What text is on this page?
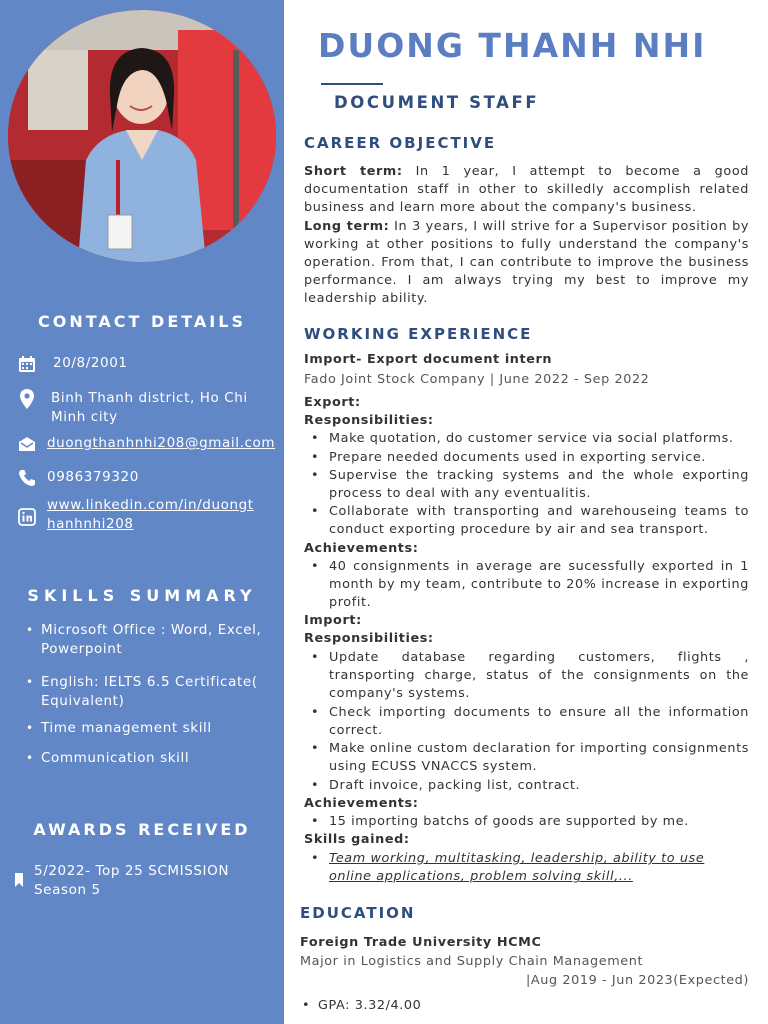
CONTACT DETAILS
20/8/2001
Binh Thanh district, Ho Chi Minh city
duongthanhnhi208@gmail.com
0986379320
www.linkedin.com/in/duongthanhnhi208
SKILLS SUMMARY
• Microsoft Office : Word, Excel, Powerpoint
• English: IELTS 6.5 Certificate( Equivalent)
• Time management skill
• Communication skill
AWARDS RECEIVED
5/2022- Top 25 SCMISSION Season 5
DUONG THANH NHI
DOCUMENT STAFF
CAREER OBJECTIVE
Short term: In 1 year, I attempt to become a good documentation staff in other to skilledly accomplish related business and learn more about the company's business.
Long term: In 3 years, I will strive for a Supervisor position by working at other positions to fully understand the company's operation. From that, I can contribute to improve the business performance. I am always trying my best to improve my leadership ability.
WORKING EXPERIENCE
Import- Export document intern
Fado Joint Stock Company | June 2022 - Sep 2022
Export:
Responsibilities:
• Make quotation, do customer service via social platforms.
• Prepare needed documents used in exporting service.
• Supervise the tracking systems and the whole exporting process to deal with any eventualitis.
• Collaborate with transporting and warehouseing teams to conduct exporting procedure by air and sea transport.
Achievements:
• 40 consignments in average are sucessfully exported in 1 month by my team, contribute to 20% increase in exporting profit.
Import:
Responsibilities:
• Update database regarding customers, flights , transporting charge, status of the consignments on the company's systems.
• Check importing documents to ensure all the information correct.
• Make online custom declaration for importing consignments using ECUSS VNACCS system.
• Draft invoice, packing list, contract.
Achievements:
• 15 importing batchs of goods are supported by me.
Skills gained:
• Team working, multitasking, leadership, ability to use online applications, problem solving skill,...
EDUCATION
Foreign Trade University HCMC
Major in Logistics and Supply Chain Management
|Aug 2019 - Jun 2023(Expected)
• GPA: 3.32/4.00
